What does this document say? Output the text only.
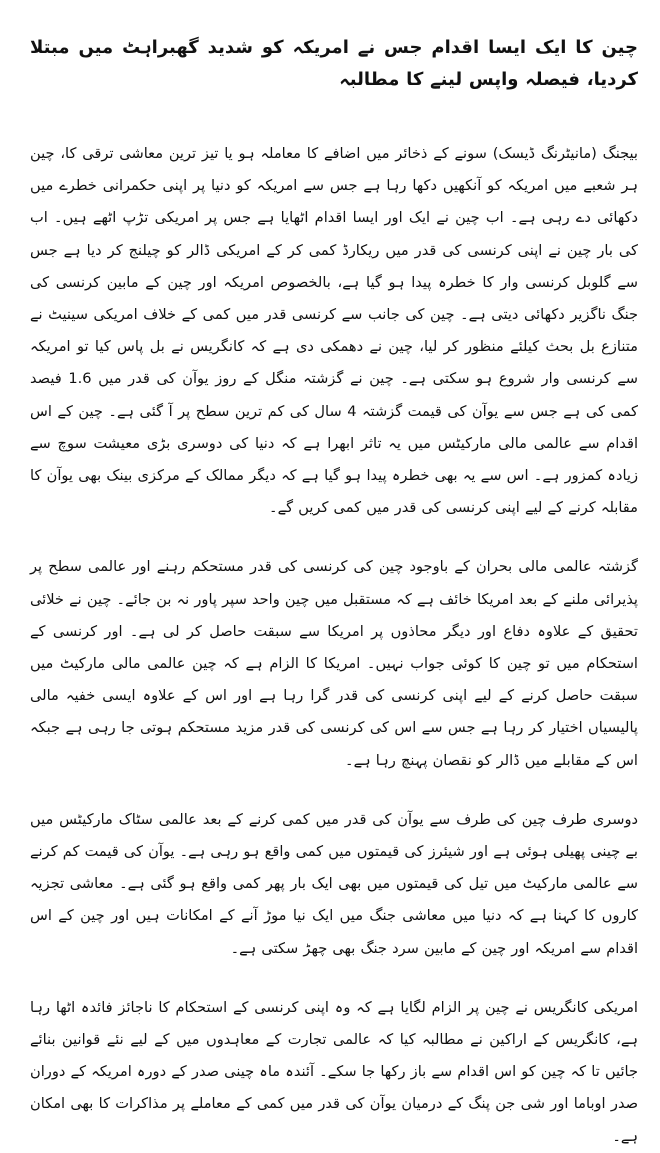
چین کا ایک ایسا اقدام جس نے امریکہ کو شدید گھبراہٹ میں مبتلا کردیا، فیصلہ واپس لینے کا مطالبہ

بیجنگ (مانیٹرنگ ڈیسک) سونے کے ذخائر میں اضافے کا معاملہ ہو یا تیز ترین معاشی ترقی کا، چین ہر شعبے میں امریکہ کو آنکھیں دکھا رہا ہے جس سے امریکہ کو دنیا پر اپنی حکمرانی خطرے میں دکھائی دے رہی ہے۔ اب چین نے ایک اور ایسا اقدام اٹھایا ہے جس پر امریکی تڑپ اٹھے ہیں۔ اب کی بار چین نے اپنی کرنسی کی قدر میں ریکارڈ کمی کر کے امریکی ڈالر کو چیلنج کر دیا ہے جس سے گلوبل کرنسی وار کا خطرہ پیدا ہو گیا ہے، بالخصوص امریکہ اور چین کے مابین کرنسی کی جنگ ناگزیر دکھائی دیتی ہے۔ چین کی جانب سے کرنسی قدر میں کمی کے خلاف امریکی سینیٹ نے متنازع بل بحث کیلئے منظور کر لیا، چین نے دھمکی دی ہے کہ کانگریس نے بل پاس کیا تو امریکہ سے کرنسی وار شروع ہو سکتی ہے۔ چین نے گزشتہ منگل کے روز یوآن کی قدر میں 1.6 فیصد کمی کی ہے جس سے یوآن کی قیمت گزشتہ 4 سال کی کم ترین سطح پر آ گئی ہے۔ چین کے اس اقدام سے عالمی مالی مارکیٹس میں یہ تاثر ابھرا ہے کہ دنیا کی دوسری بڑی معیشت سوچ سے زیادہ کمزور ہے۔ اس سے یہ بھی خطرہ پیدا ہو گیا ہے کہ دیگر ممالک کے مرکزی بینک بھی یوآن کا مقابلہ کرنے کے لیے اپنی کرنسی کی قدر میں کمی کریں گے۔

گزشتہ عالمی مالی بحران کے باوجود چین کی کرنسی کی قدر مستحکم رہنے اور عالمی سطح پر پذیرائی ملنے کے بعد امریکا خائف ہے کہ مستقبل میں چین واحد سپر پاور نہ بن جائے۔ چین نے خلائی تحقیق کے علاوہ دفاع اور دیگر محاذوں پر امریکا سے سبقت حاصل کر لی ہے۔ اور کرنسی کے استحکام میں تو چین کا کوئی جواب نہیں۔ امریکا کا الزام ہے کہ چین عالمی مالی مارکیٹ میں سبقت حاصل کرنے کے لیے اپنی کرنسی کی قدر گرا رہا ہے اور اس کے علاوہ ایسی خفیہ مالی پالیسیاں اختیار کر رہا ہے جس سے اس کی کرنسی کی قدر مزید مستحکم ہوتی جا رہی ہے جبکہ اس کے مقابلے میں ڈالر کو نقصان پہنچ رہا ہے۔

دوسری طرف چین کی طرف سے یوآن کی قدر میں کمی کرنے کے بعد عالمی سٹاک مارکیٹس میں بے چینی پھیلی ہوئی ہے اور شیئرز کی قیمتوں میں کمی واقع ہو رہی ہے۔ یوآن کی قیمت کم کرنے سے عالمی مارکیٹ میں تیل کی قیمتوں میں بھی ایک بار پھر کمی واقع ہو گئی ہے۔ معاشی تجزیہ کاروں کا کہنا ہے کہ دنیا میں معاشی جنگ میں ایک نیا موڑ آنے کے امکانات ہیں اور چین کے اس اقدام سے امریکہ اور چین کے مابین سرد جنگ بھی چھڑ سکتی ہے۔

امریکی کانگریس نے چین پر الزام لگایا ہے کہ وہ اپنی کرنسی کے استحکام کا ناجائز فائدہ اٹھا رہا ہے، کانگریس کے اراکین نے مطالبہ کیا کہ عالمی تجارت کے معاہدوں میں کے لیے نئے قوانین بنائے جائیں تا کہ چین کو اس اقدام سے باز رکھا جا سکے۔ آئندہ ماہ چینی صدر کے دورہ امریکہ کے دوران صدر اوباما اور شی جن پنگ کے درمیان یوآن کی قدر میں کمی کے معاملے پر مذاکرات کا بھی امکان ہے۔
